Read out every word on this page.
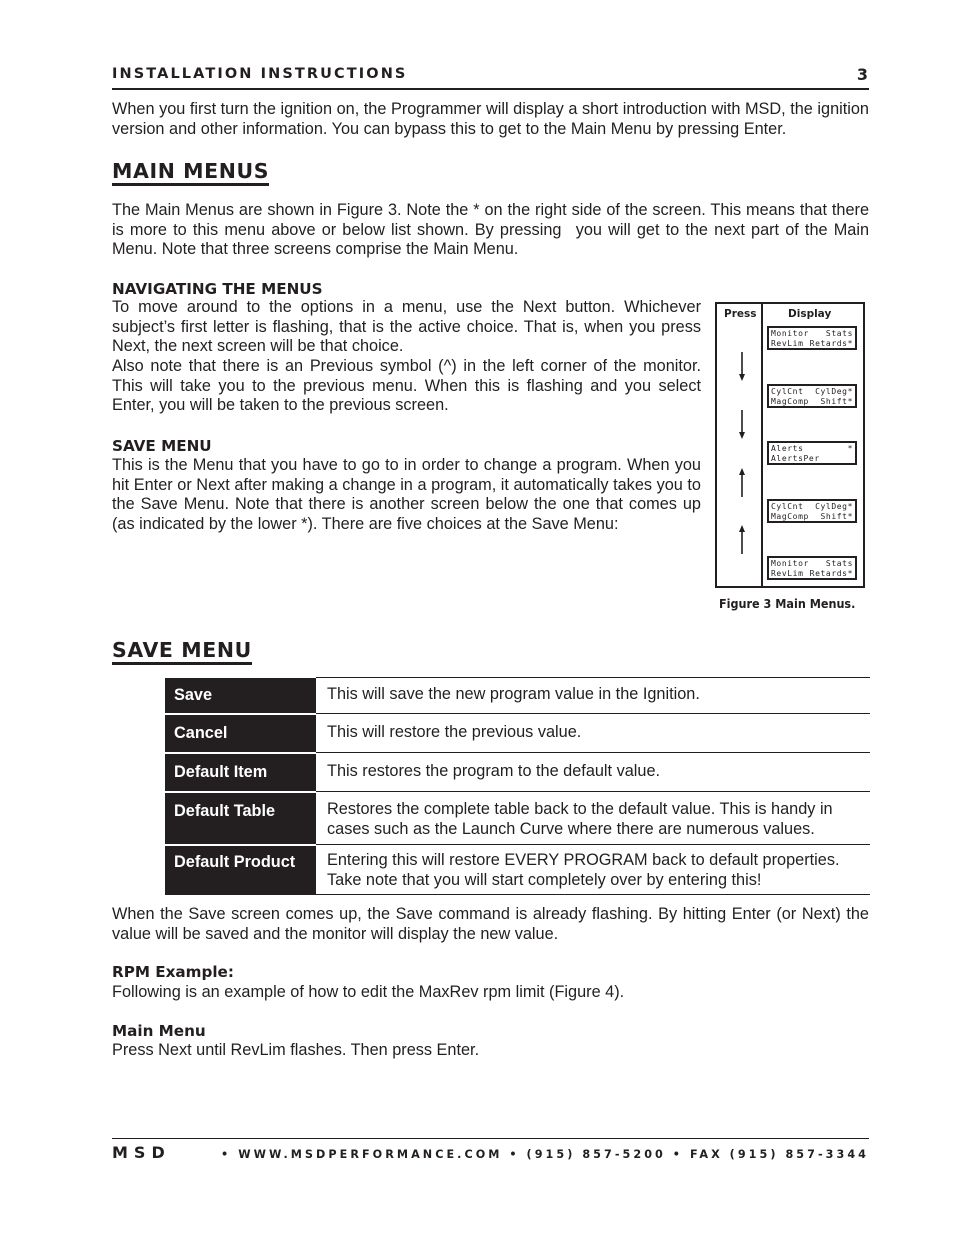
INSTALLATION INSTRUCTIONS	3

When you first turn the ignition on, the Programmer will display a short introduction with MSD, the ignition version and other information. You can bypass this to get to the Main Menu by pressing Enter.

MAIN MENUS

The Main Menus are shown in Figure 3. Note the * on the right side of the screen. This means that there is more to this menu above or below list shown. By pressing  you will get to the next part of the Main Menu. Note that three screens comprise the Main Menu.

NAVIGATING THE MENUS

To move around to the options in a menu, use the Next button. Whichever subject’s first letter is flashing, that is the active choice. That is, when you press Next, the next screen will be that choice.

Also note that there is an Previous symbol (^) in the left corner of the monitor. This will take you to the previous menu. When this is flashing and you select Enter, you will be taken to the previous screen.

SAVE MENU

This is the Menu that you have to go to in order to change a program. When you hit Enter or Next after making a change in a program, it automatically takes you to the Save Menu. Note that there is another screen below the one that comes up (as indicated by the lower *). There are five choices at the Save Menu:

Press	Display
Monitor Stats
RevLim Retards*
CylCnt CylDeg*
MagComp Shift*
Alerts	*
AlertsPer
CylCnt CylDeg*
MagComp Shift*
Monitor Stats
RevLim Retards*
Figure 3 Main Menus.
SAVE MENU
Save	This will save the new program value in the Ignition.
Cancel	This will restore the previous value.
Default Item	This restores the program to the default value.
Default Table	Restores the complete table back to the default value. This is handy in cases such as the Launch Curve where there are numerous values.
Default Product	Entering this will restore EVERY PROGRAM back to default properties. Take note that you will start completely over by entering this!

When the Save screen comes up, the Save command is already flashing. By hitting Enter (or Next) the value will be saved and the monitor will display the new value.

RPM Example:

Following is an example of how to edit the MaxRev rpm limit (Figure 4).

Main Menu

Press Next until RevLim flashes. Then press Enter.

MSD	• WWW.MSDPERFORMANCE.COM • (915) 857-5200 • FAX (915) 857-3344
